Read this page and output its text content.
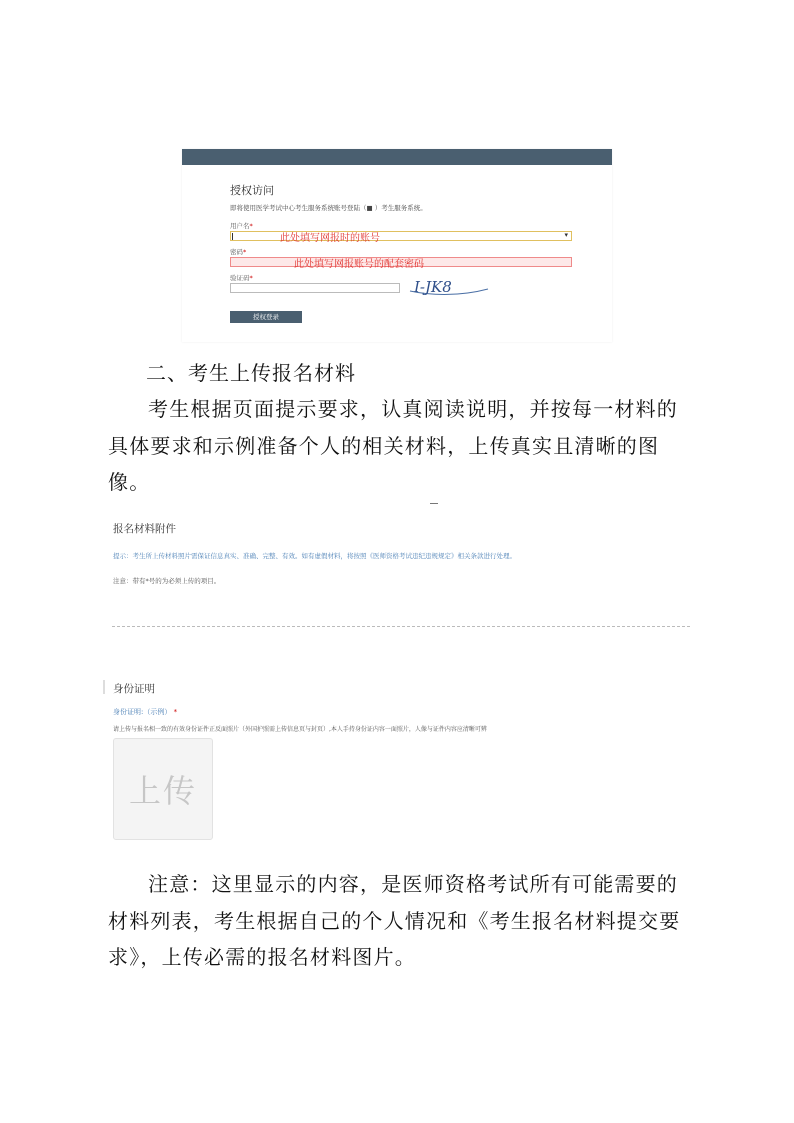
授权访问
即将使用医学考试中心考生服务系统账号登陆（■ ）考生服务系统。
用户名*
▾
此处填写网报时的账号
密码*
此处填写网报账号的配套密码
验证码*	I-JK8
授权登录
二、考生上传报名材料
考生根据页面提示要求，认真阅读说明，并按每一材料的具体要求和示例准备个人的相关材料，上传真实且清晰的图像。
报名材料附件
提示：考生所上传材料照片需保证信息真实、准确、完整、有效。如有虚假材料，将按照《医师资格考试违纪违规规定》相关条款进行处理。
注意：带有*号的为必须上传的项目。
身份证明
身份证明:（示例） *
请上传与报名相一致的有效身份证件正反面照片（外国护照需上传信息页与封页）,本人手持身份证内容一面照片，人像与证件内容应清晰可辨
上传
注意：这里显示的内容，是医师资格考试所有可能需要的材料列表，考生根据自己的个人情况和《考生报名材料提交要求》，上传必需的报名材料图片。
